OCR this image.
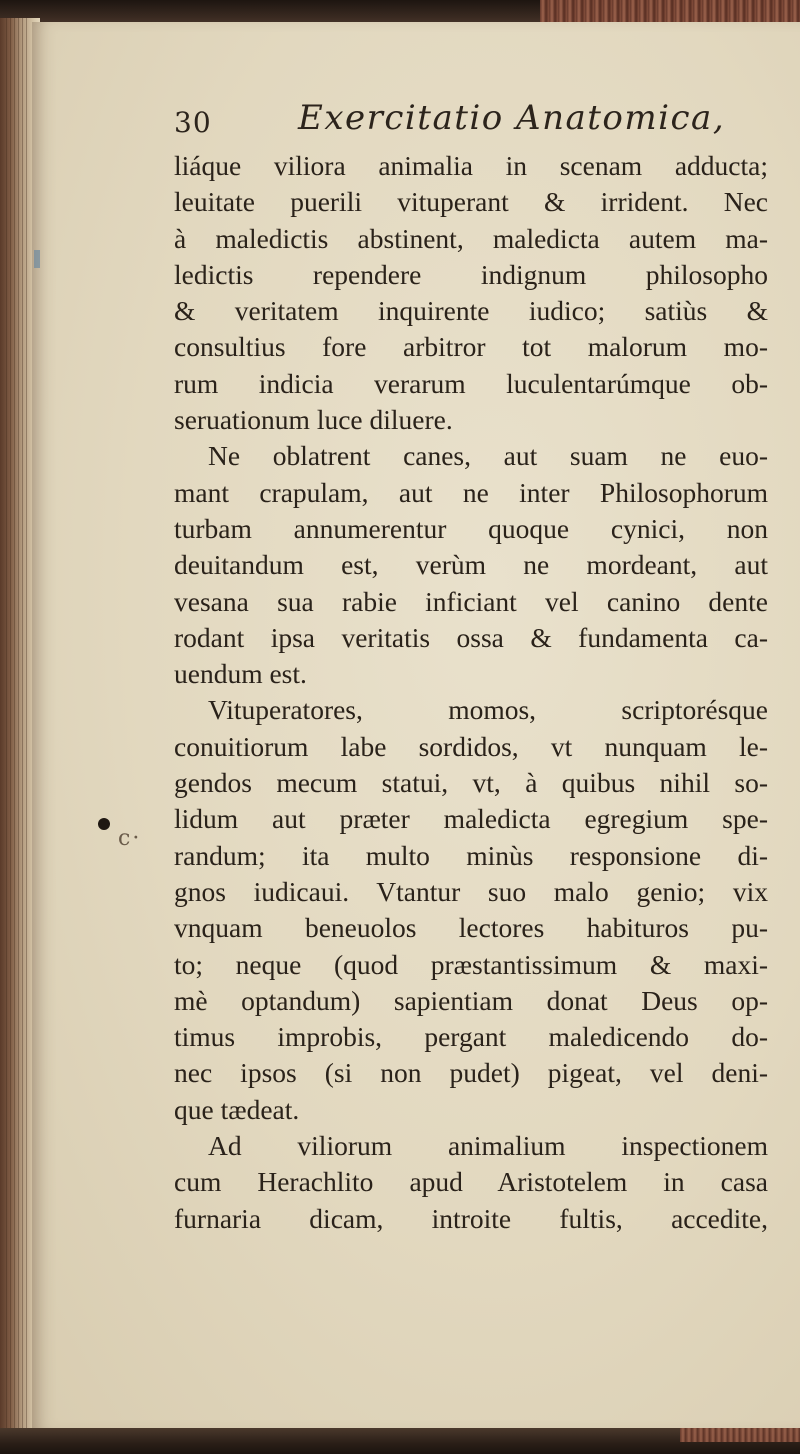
30	Exercitatio Anatomica,
liáque viliora animalia in scenam adducta;
leuitate puerili vituperant & irrident. Nec
à maledictis abstinent, maledicta autem ma-
ledictis rependere indignum philosopho
& veritatem inquirente iudico; satiùs &
consultius fore arbitror tot malorum mo-
rum indicia verarum luculentarúmque ob-
seruationum luce diluere.
Ne oblatrent canes, aut suam ne euo-
mant crapulam, aut ne inter Philosophorum
turbam annumerentur quoque cynici, non
deuitandum est, verùm ne mordeant, aut
vesana sua rabie inficiant vel canino dente
rodant ipsa veritatis ossa & fundamenta ca-
uendum est.
Vituperatores, momos, scriptorésque
conuitiorum labe sordidos, vt nunquam le-
gendos mecum statui, vt, à quibus nihil so-
lidum aut præter maledicta egregium spe-
randum; ita multo minùs responsione di-
gnos iudicaui. Vtantur suo malo genio; vix
vnquam beneuolos lectores habituros pu-
to; neque (quod præstantissimum & maxi-
mè optandum) sapientiam donat Deus op-
timus improbis, pergant maledicendo do-
nec ipsos (si non pudet) pigeat, vel deni-
que tædeat.
Ad viliorum animalium inspectionem
cum Herachlito apud Aristotelem in casa
furnaria dicam, introite fultis, accedite,
c·
